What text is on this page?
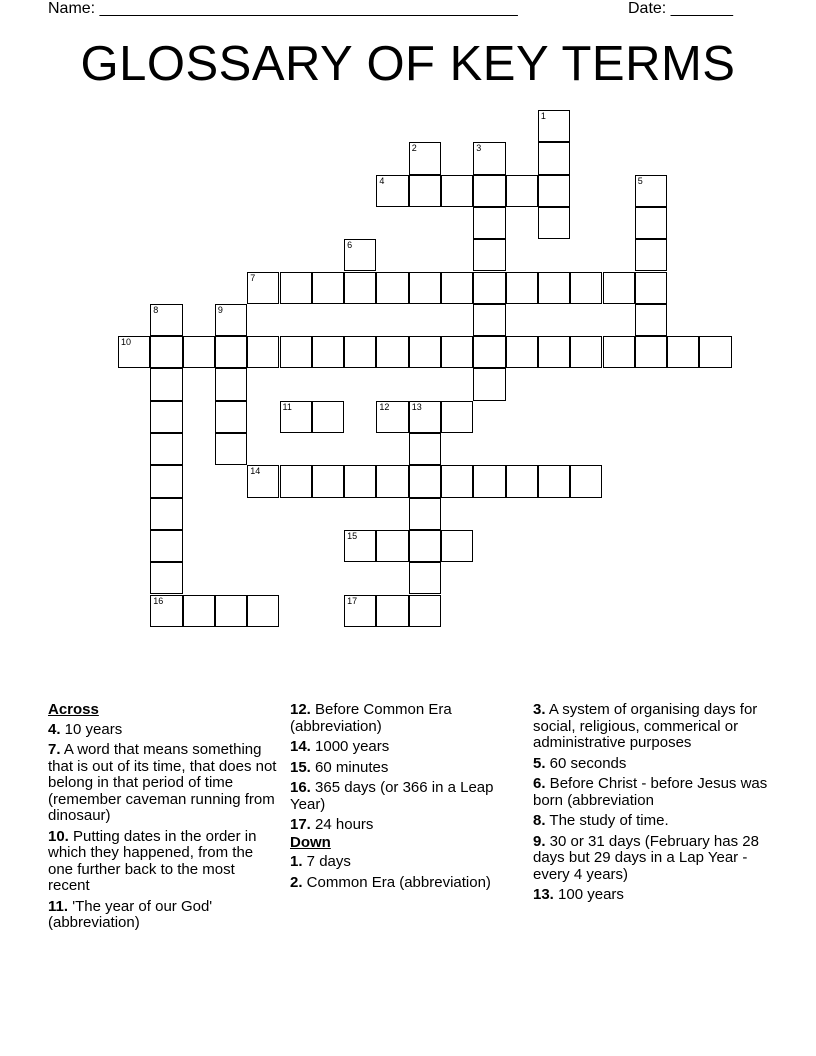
Name: _______________________________________________	Date: _______
GLOSSARY OF KEY TERMS
1
2	3
4	5
6
7
8	9
10
11	12 13
14
15
16	17
Across
4. 10 years
7. A word that means something that is out of its time, that does not belong in that period of time (remember caveman running from dinosaur)
10. Putting dates in the order in which they happened, from the one further back to the most recent
11. 'The year of our God' (abbreviation)
12. Before Common Era (abbreviation)
14. 1000 years
15. 60 minutes
16. 365 days (or 366 in a Leap Year)
17. 24 hours
Down
1. 7 days
2. Common Era (abbreviation)
3. A system of organising days for social, religious, commerical or administrative purposes
5. 60 seconds
6. Before Christ - before Jesus was born (abbreviation
8. The study of time.
9. 30 or 31 days (February has 28 days but 29 days in a Lap Year - every 4 years)
13. 100 years
